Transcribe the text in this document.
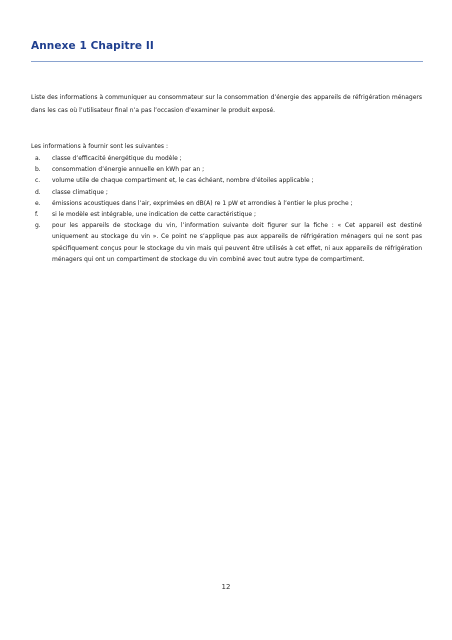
Annexe 1 Chapitre II

Liste des informations à communiquer au consommateur sur la consommation d’énergie des appareils de réfrigération ménagers dans les cas où l’utilisateur final n’a pas l’occasion d’examiner le produit exposé.

Les informations à fournir sont les suivantes :

a.	classe d’efficacité énergétique du modèle ;
b.	consommation d’énergie annuelle en kWh par an ;
c.	volume utile de chaque compartiment et, le cas échéant, nombre d’étoiles applicable ;
d.	classe climatique ;
e.	émissions acoustiques dans l’air, exprimées en dB(A) re 1 pW et arrondies à l’entier le plus proche ;
f.	si le modèle est intégrable, une indication de cette caractéristique ;
g.	pour les appareils de stockage du vin, l’information suivante doit figurer sur la fiche : « Cet appareil est destiné uniquement au stockage du vin ». Ce point ne s’applique pas aux appareils de réfrigération ménagers qui ne sont pas spécifiquement conçus pour le stockage du vin mais qui peuvent être utilisés à cet effet, ni aux appareils de réfrigération ménagers qui ont un compartiment de stockage du vin combiné avec tout autre type de compartiment.
12
